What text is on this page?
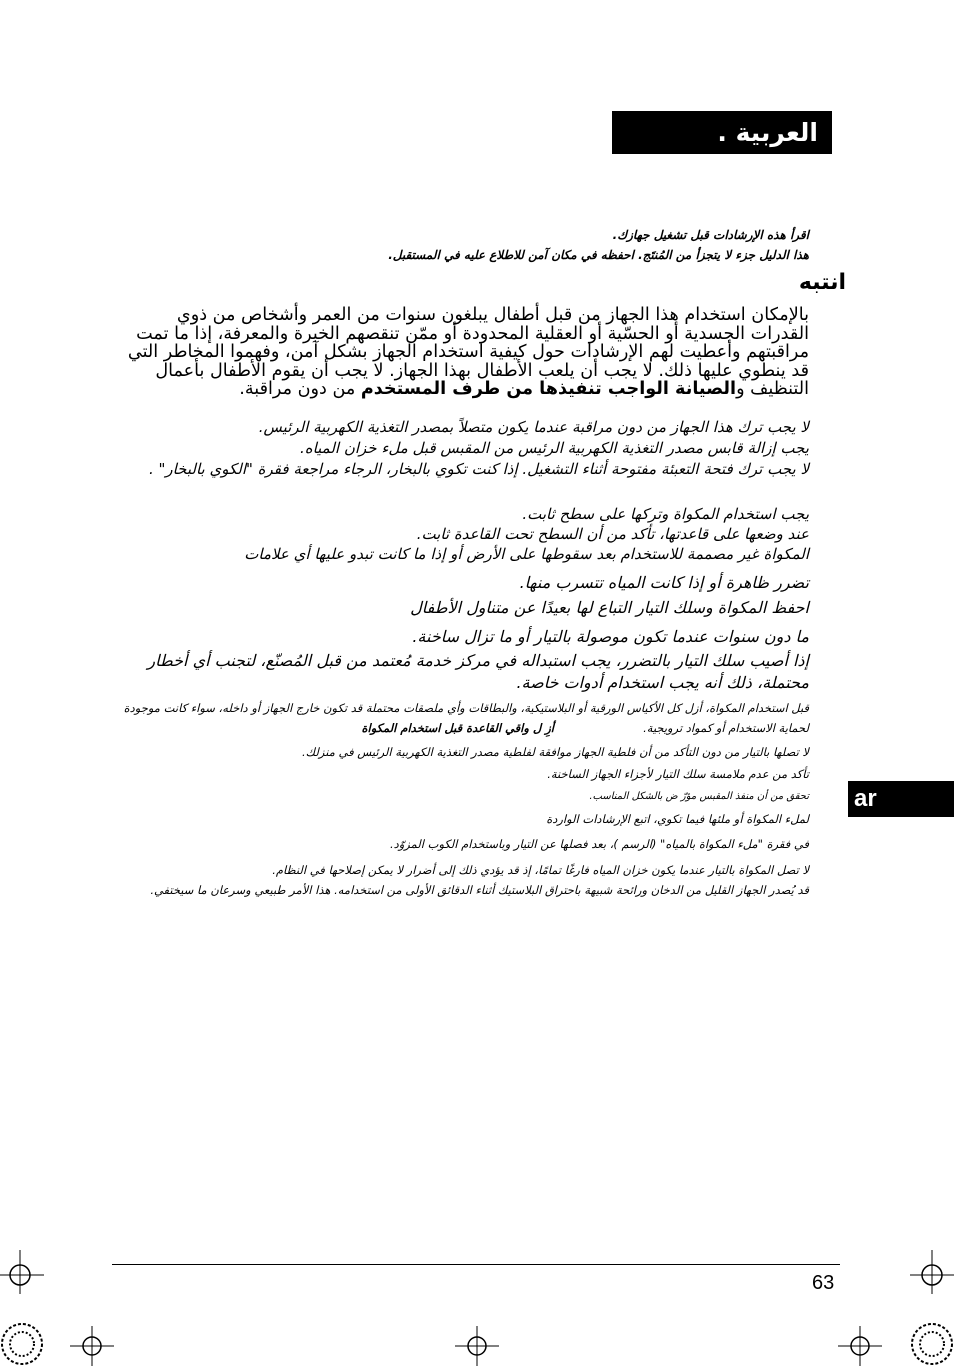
العربية .
اقرأ هذه الإرشادات قبل تشغيل جهازك.
هذا الدليل جزء لا يتجزأ من المُنتَج. احفظه في مكان آمن للاطلاع عليه في المستقبل.
انتبه
بالإمكان استخدام هذا الجهاز من قبل أطفال يبلغون سنوات من العمر وأشخاص من ذوي القدرات الجسدية أو الحسّية أو العقلية المحدودة أو ممّن تنقصهم الخبرة والمعرفة، إذا ما تمت مراقبتهم وأعطيت لهم الإرشادات حول كيفية استخدام الجهاز بشكل آمن، وفهموا المخاطر التي قد ينطوي عليها ذلك. لا يجب أن يلعب الأطفال بهذا الجهاز. لا يجب أن يقوم الأطفال بأعمال التنظيف والصيانة الواجب تنفيذها من طرف المستخدم من دون مراقبة.
لا يجب ترك هذا الجهاز من دون مراقبة عندما يكون متصلاً بمصدر التغذية الكهربية الرئيس.
يجب إزالة قابس مصدر التغذية الكهربية الرئيس من المقبس قبل ملء خزان المياه.
لا يجب ترك فتحة التعبئة مفتوحة أثناء التشغيل. إذا كنت تكوي بالبخار، الرجاء مراجعة فقرة "الكوي بالبخار" .
يجب استخدام المكواة وتركها على سطح ثابت.
عند وضعها على قاعدتها، تأكد من أن السطح تحت القاعدة ثابت.
المكواة غير مصممة للاستخدام بعد سقوطها على الأرض أو إذا ما كانت تبدو عليها أي علامات
تضرر ظاهرة أو إذا كانت المياه تتسرب منها.
احفظ المكواة وسلك التيار التباع لها بعيدًا عن متناول الأطفال
ما دون سنوات عندما تكون موصولة بالتيار أو ما تزال ساخنة.
إذا أصيب سلك التيار بالتضرر، يجب استبداله في مركز خدمة مُعتمد من قبل المُصنّع، لتجنب أي أخطار محتملة، ذلك أنه يجب استخدام أدوات خاصة.
قبل استخدام المكواة، أزل كل الأكياس الورقية أو البلاستيكية، والبطاقات وأي ملصقات محتملة قد تكون خارج الجهاز أو داخله، سواء كانت موجودة لحماية الاستخدام أو كمواد ترويجية.
أزِ ل واقي القاعدة قبل استخدام المكواة
لا تصلها بالتيار من دون التأكد من أن فلطية الجهاز موافقة لفلطية مصدر التغذية الكهربية الرئيس في منزلك.
تأكد من عدم ملامسة سلك التيار لأجزاء الجهاز الساخنة.
تحقق من أن منفذ المقبس مؤرّ ض بالشكل المناسب.
لملء المكواة أو ملئها فيما تكوي، اتبع الإرشادات الواردة
في فقرة "ملء المكواة بالمياه" (الرسم )، بعد فصلها عن التيار وباستخدام الكوب المزوّد.
لا تصل المكواة بالتيار عندما يكون خزان المياه فارغًا تمامًا، إذ قد يؤدي ذلك إلى أضرار لا يمكن إصلاحها في النظام.
قد يُصدر الجهاز القليل من الدخان ورائحة شبيهة باحتراق البلاستيك أثناء الدقائق الأولى من استخدامه. هذا الأمر طبيعي وسرعان ما سيختفي.
ar
63
